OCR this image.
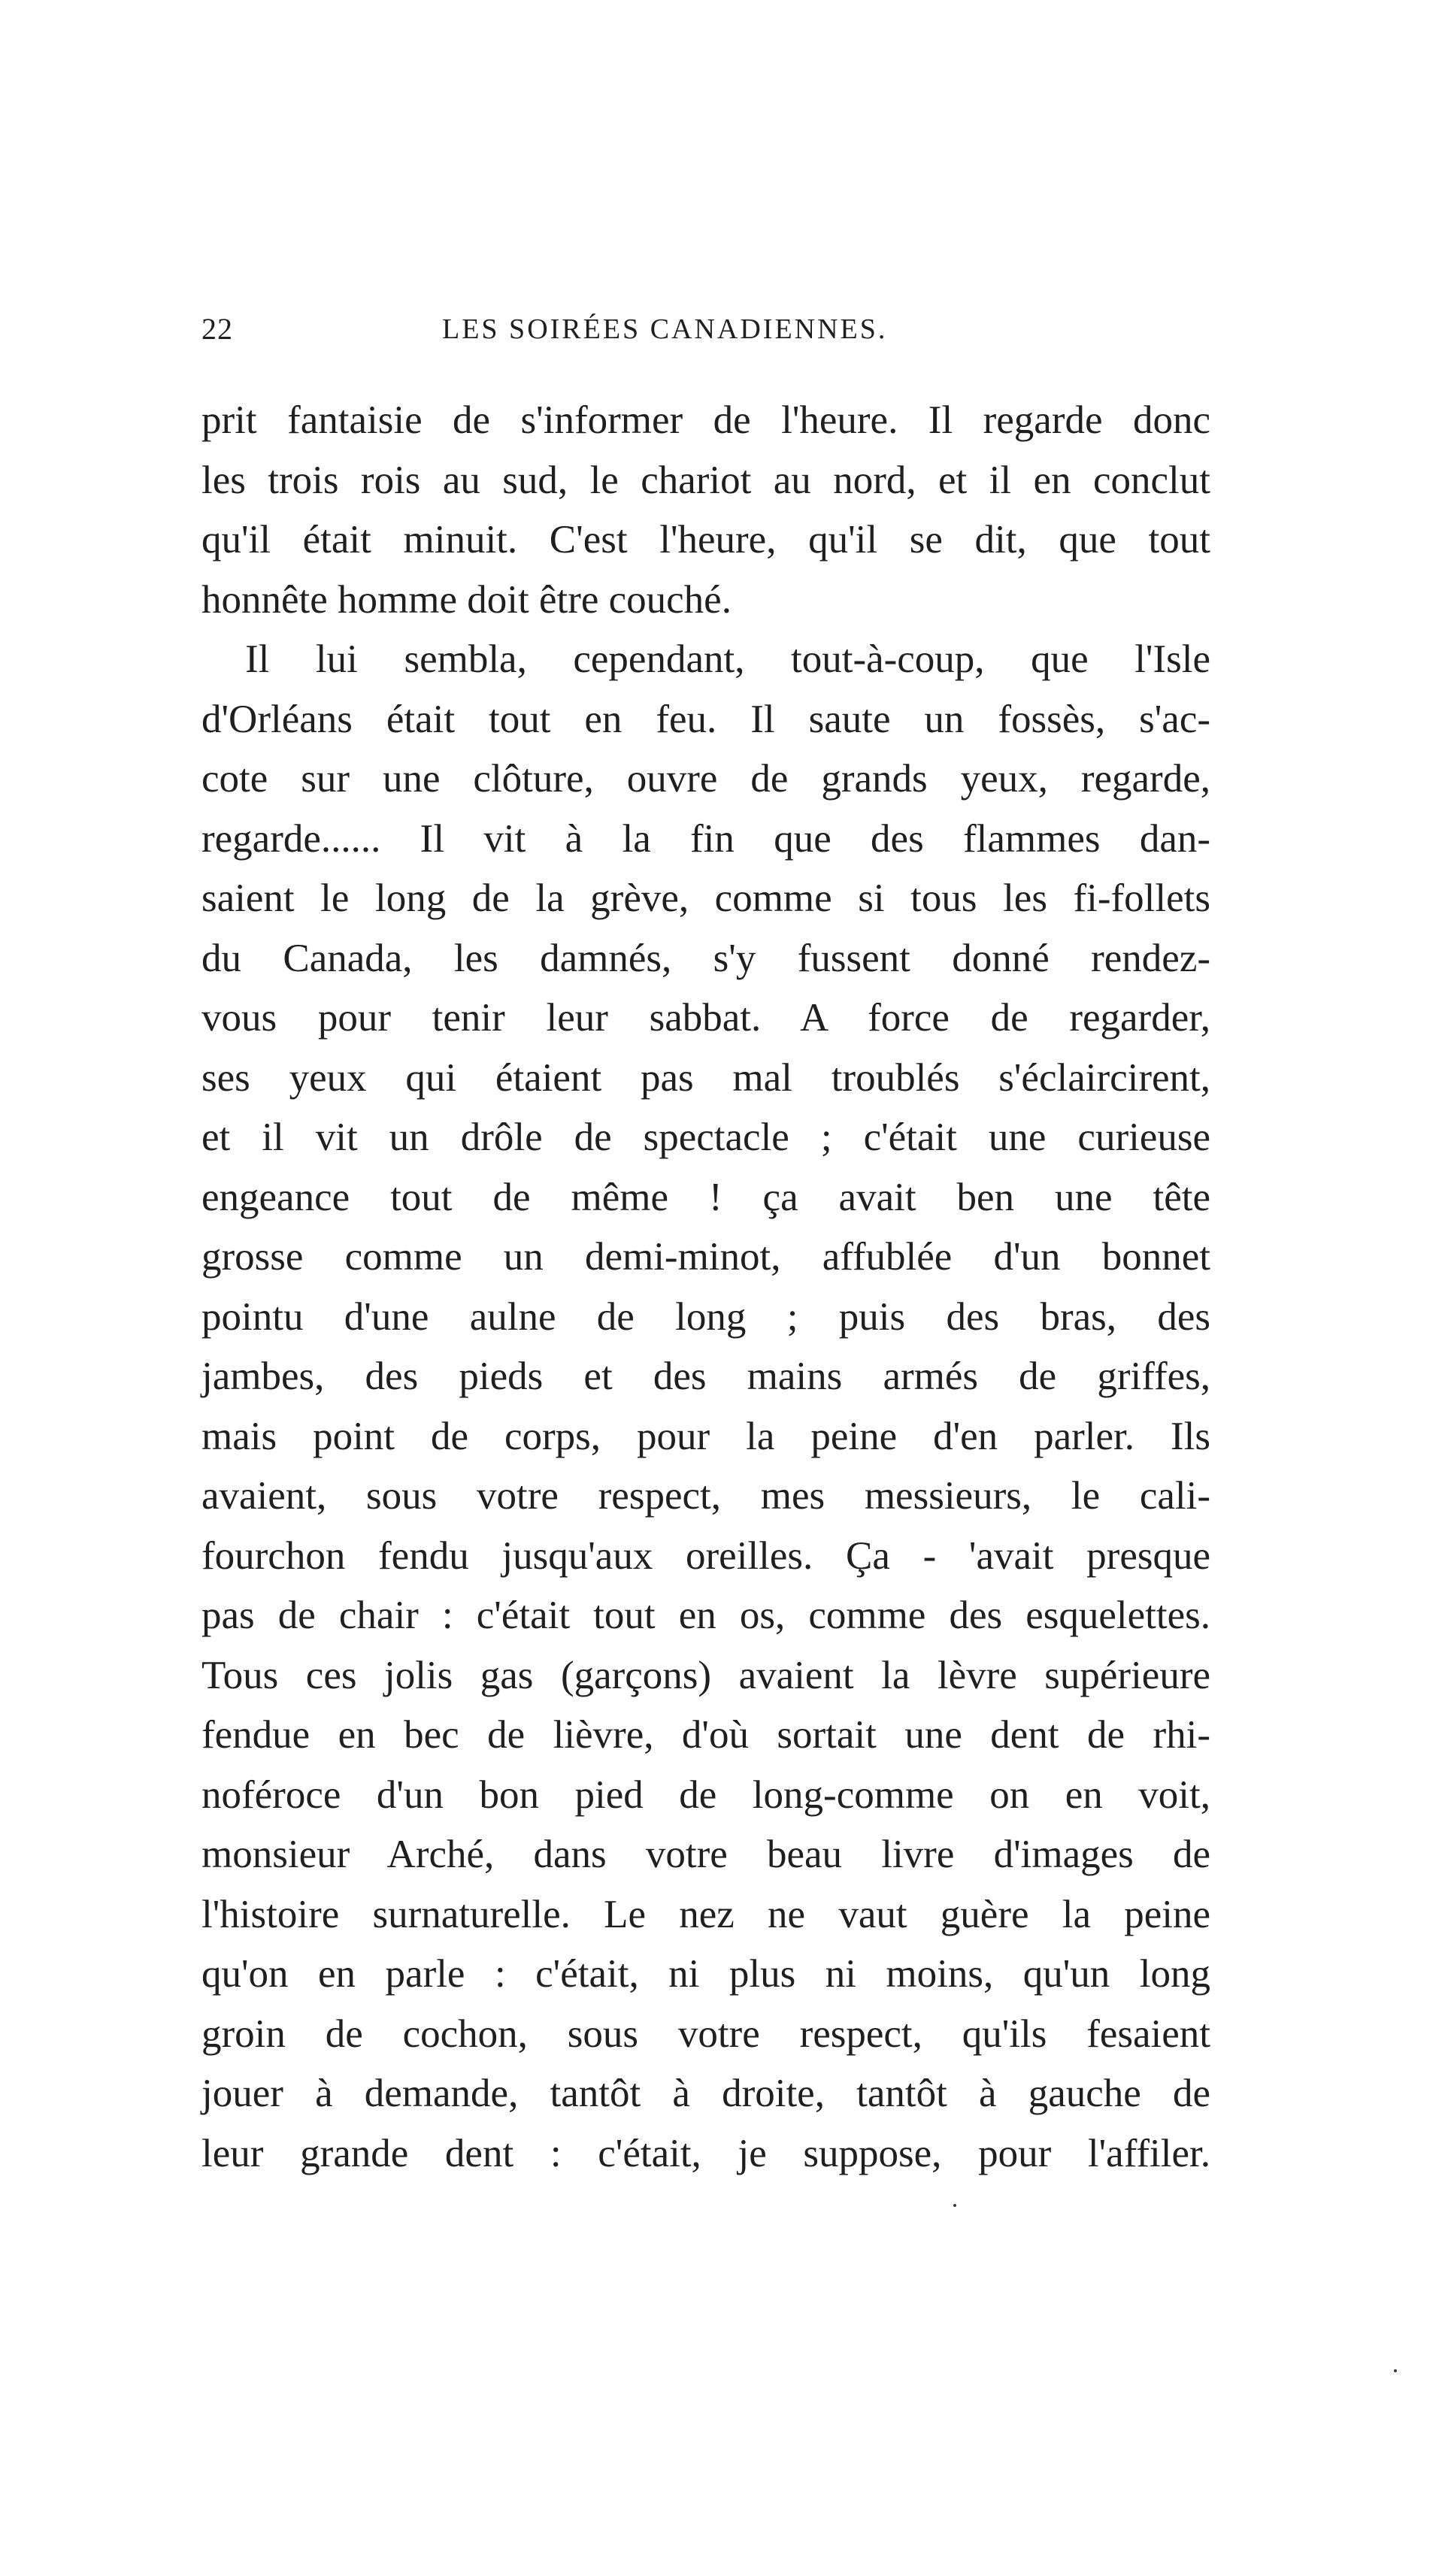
22	LES SOIRÉES CANADIENNES.
prit fantaisie de s'informer de l'heure. Il regarde donc
les trois rois au sud, le chariot au nord, et il en conclut
qu'il était minuit. C'est l'heure, qu'il se dit, que tout
honnête homme doit être couché.
Il lui sembla, cependant, tout-à-coup, que l'Isle
d'Orléans était tout en feu. Il saute un fossès, s'ac-
cote sur une clôture, ouvre de grands yeux, regarde,
regarde...... Il vit à la fin que des flammes dan-
saient le long de la grève, comme si tous les fi-follets
du Canada, les damnés, s'y fussent donné rendez-
vous pour tenir leur sabbat. A force de regarder,
ses yeux qui étaient pas mal troublés s'éclaircirent,
et il vit un drôle de spectacle ; c'était une curieuse
engeance tout de même ! ça avait ben une tête
grosse comme un demi-minot, affublée d'un bonnet
pointu d'une aulne de long ; puis des bras, des
jambes, des pieds et des mains armés de griffes,
mais point de corps, pour la peine d'en parler. Ils
avaient, sous votre respect, mes messieurs, le cali-
fourchon fendu jusqu'aux oreilles. Ça - 'avait presque
pas de chair : c'était tout en os, comme des esquelettes.
Tous ces jolis gas (garçons) avaient la lèvre supérieure
fendue en bec de lièvre, d'où sortait une dent de rhi-
noféroce d'un bon pied de long-comme on en voit,
monsieur Arché, dans votre beau livre d'images de
l'histoire surnaturelle. Le nez ne vaut guère la peine
qu'on en parle : c'était, ni plus ni moins, qu'un long
groin de cochon, sous votre respect, qu'ils fesaient
jouer à demande, tantôt à droite, tantôt à gauche de
leur grande dent : c'était, je suppose, pour l'affiler.
